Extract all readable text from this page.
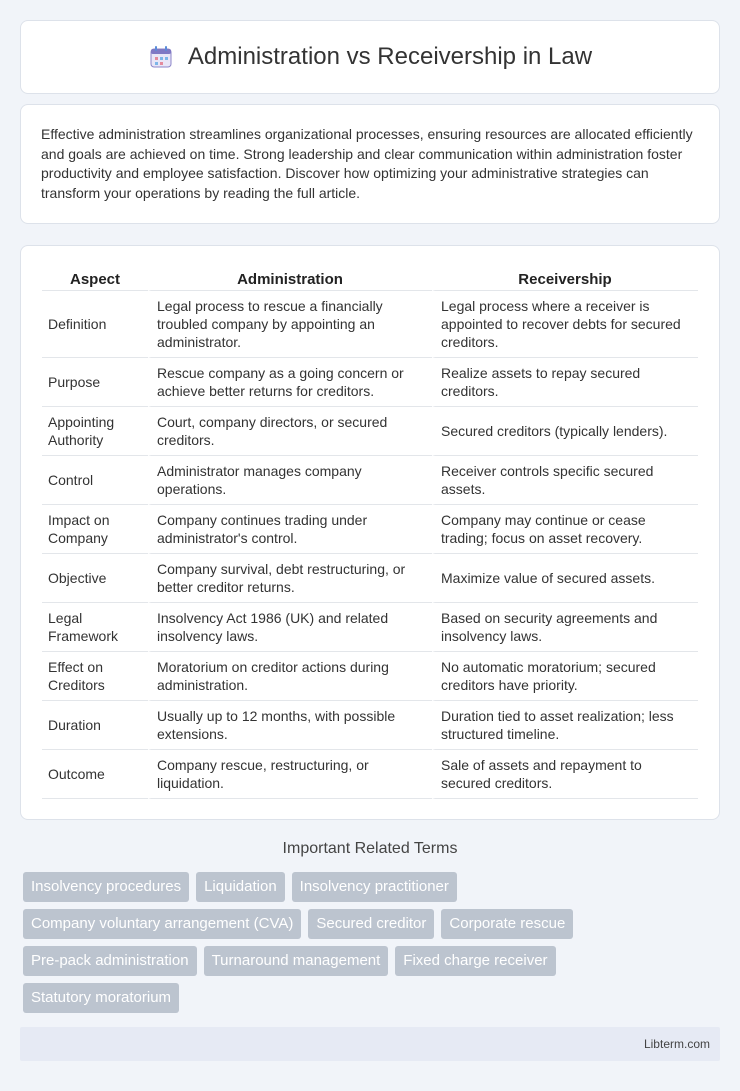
Administration vs Receivership in Law

Effective administration streamlines organizational processes, ensuring resources are allocated efficiently and goals are achieved on time. Strong leadership and clear communication within administration foster productivity and employee satisfaction. Discover how optimizing your administrative strategies can transform your operations by reading the full article.

Aspect	Administration	Receivership
Definition	Legal process to rescue a financially troubled company by appointing an administrator.	Legal process where a receiver is appointed to recover debts for secured creditors.
Purpose	Rescue company as a going concern or achieve better returns for creditors.	Realize assets to repay secured creditors.
Appointing Authority	Court, company directors, or secured creditors.	Secured creditors (typically lenders).
Control	Administrator manages company operations.	Receiver controls specific secured assets.
Impact on Company	Company continues trading under administrator's control.	Company may continue or cease trading; focus on asset recovery.
Objective	Company survival, debt restructuring, or better creditor returns.	Maximize value of secured assets.
Legal Framework	Insolvency Act 1986 (UK) and related insolvency laws.	Based on security agreements and insolvency laws.
Effect on Creditors	Moratorium on creditor actions during administration.	No automatic moratorium; secured creditors have priority.
Duration	Usually up to 12 months, with possible extensions.	Duration tied to asset realization; less structured timeline.
Outcome	Company rescue, restructuring, or liquidation.	Sale of assets and repayment to secured creditors.
Important Related Terms
Insolvency procedures	Liquidation	Insolvency practitioner
Company voluntary arrangement (CVA)	Secured creditor	Corporate rescue
Pre-pack administration	Turnaround management	Fixed charge receiver
Statutory moratorium
Libterm.com
